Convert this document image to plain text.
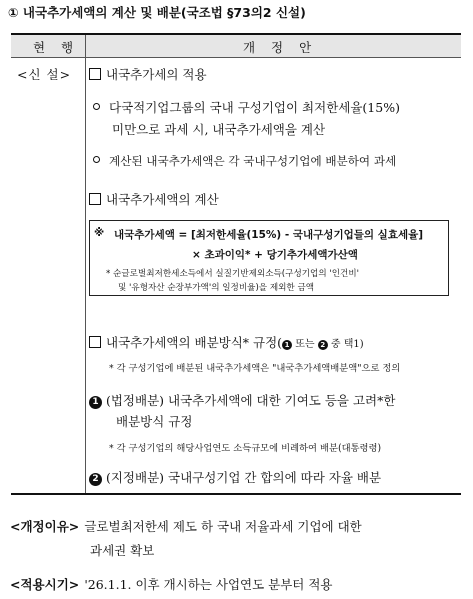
① 내국추가세액의 계산 및 배분(국조법 §73의2 신설)
현 행	개 정 안
<신 설>	내국추가세의 적용
다국적기업그룹의 국내 구성기업이 최저한세율(15%)
미만으로 과세 시, 내국추가세액을 계산
계산된 내국추가세액은 각 국내구성기업에 배분하여 과세
내국추가세액의 계산
※ 내국추가세액 = [최저한세율(15%) - 국내구성기업들의 실효세율]
× 초과이익* + 당기추가세액가산액
* 순글로벌최저한세소득에서 실질기반제외소득(구성기업의 '인건비'
및 '유형자산 순장부가액'의 일정비율)을 제외한 금액
내국추가세액의 배분방식* 규정( 1 또는 2 중 택1)
* 각 구성기업에 배분된 내국추가세액은 "내국추가세액배분액"으로 정의
1 (법정배분) 내국추가세액에 대한 기여도 등을 고려*한
배분방식 규정
* 각 구성기업의 해당사업연도 소득규모에 비례하여 배분(대통령령)
2 (지정배분) 국내구성기업 간 합의에 따라 자율 배분
<개정이유> 글로벌최저한세 제도 하 국내 저율과세 기업에 대한
과세권 확보
<적용시기> '26.1.1. 이후 개시하는 사업연도 분부터 적용
